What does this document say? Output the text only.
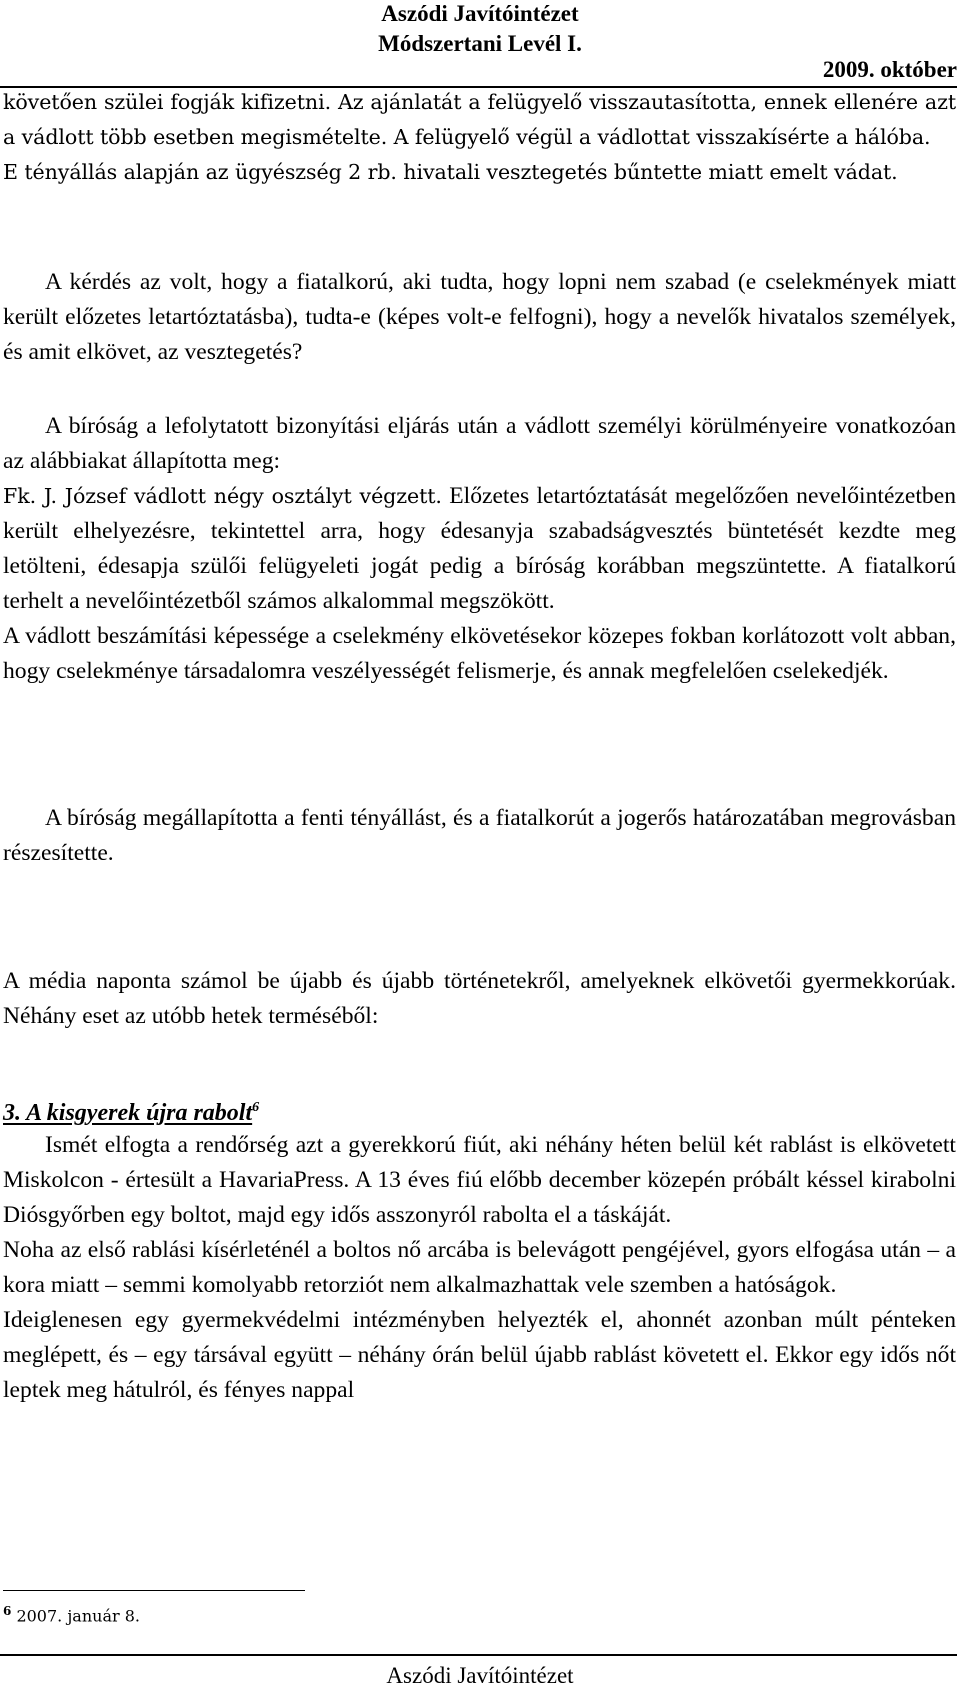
Aszódi Javítóintézet
Módszertani Levél I.
2009. október

követően szülei fogják kifizetni. Az ajánlatát a felügyelő visszautasította, ennek ellenére azt a vádlott több esetben megismételte. A felügyelő végül a vádlottat visszakísérte a hálóba.

E tényállás alapján az ügyészség 2 rb. hivatali vesztegetés bűntette miatt emelt vádat.

A kérdés az volt, hogy a fiatalkorú, aki tudta, hogy lopni nem szabad (e cselekmények miatt került előzetes letartóztatásba), tudta-e (képes volt-e felfogni), hogy a nevelők hivatalos személyek, és amit elkövet, az vesztegetés?

A bíróság a lefolytatott bizonyítási eljárás után a vádlott személyi körülményeire vonatkozóan az alábbiakat állapította meg:

Fk. J. József vádlott négy osztályt végzett. Előzetes letartóztatását megelőzően nevelőintézetben került elhelyezésre, tekintettel arra, hogy édesanyja szabadságvesztés büntetését kezdte meg letölteni, édesapja szülői felügyeleti jogát pedig a bíróság korábban megszüntette. A fiatalkorú terhelt a nevelőintézetből számos alkalommal megszökött.

A vádlott beszámítási képessége a cselekmény elkövetésekor közepes fokban korlátozott volt abban, hogy cselekménye társadalomra veszélyességét felismerje, és annak megfelelően cselekedjék.

A bíróság megállapította a fenti tényállást, és a fiatalkorút a jogerős határozatában megrovásban részesítette.

A média naponta számol be újabb és újabb történetekről, amelyeknek elkövetői gyermekkorúak. Néhány eset az utóbb hetek terméséből:

3. A kisgyerek újra rabolt$^6$

Ismét elfogta a rendőrség azt a gyerekkorú fiút, aki néhány héten belül két rablást is elkövetett Miskolcon - értesült a HavariaPress. A 13 éves fiú előbb december közepén próbált késsel kirabolni Diósgyőrben egy boltot, majd egy idős asszonyról rabolta el a táskáját.

Noha az első rablási kísérleténél a boltos nő arcába is belevágott pengéjével, gyors elfogása után – a kora miatt – semmi komolyabb retorziót nem alkalmazhattak vele szemben a hatóságok.

Ideiglenesen egy gyermekvédelmi intézményben helyezték el, ahonnét azonban múlt pénteken meglépett, és – egy társával együtt – néhány órán belül újabb rablást követett el. Ekkor egy idős nőt leptek meg hátulról, és fényes nappal

$^6$ 2007. január 8.
Aszódi Javítóintézet
